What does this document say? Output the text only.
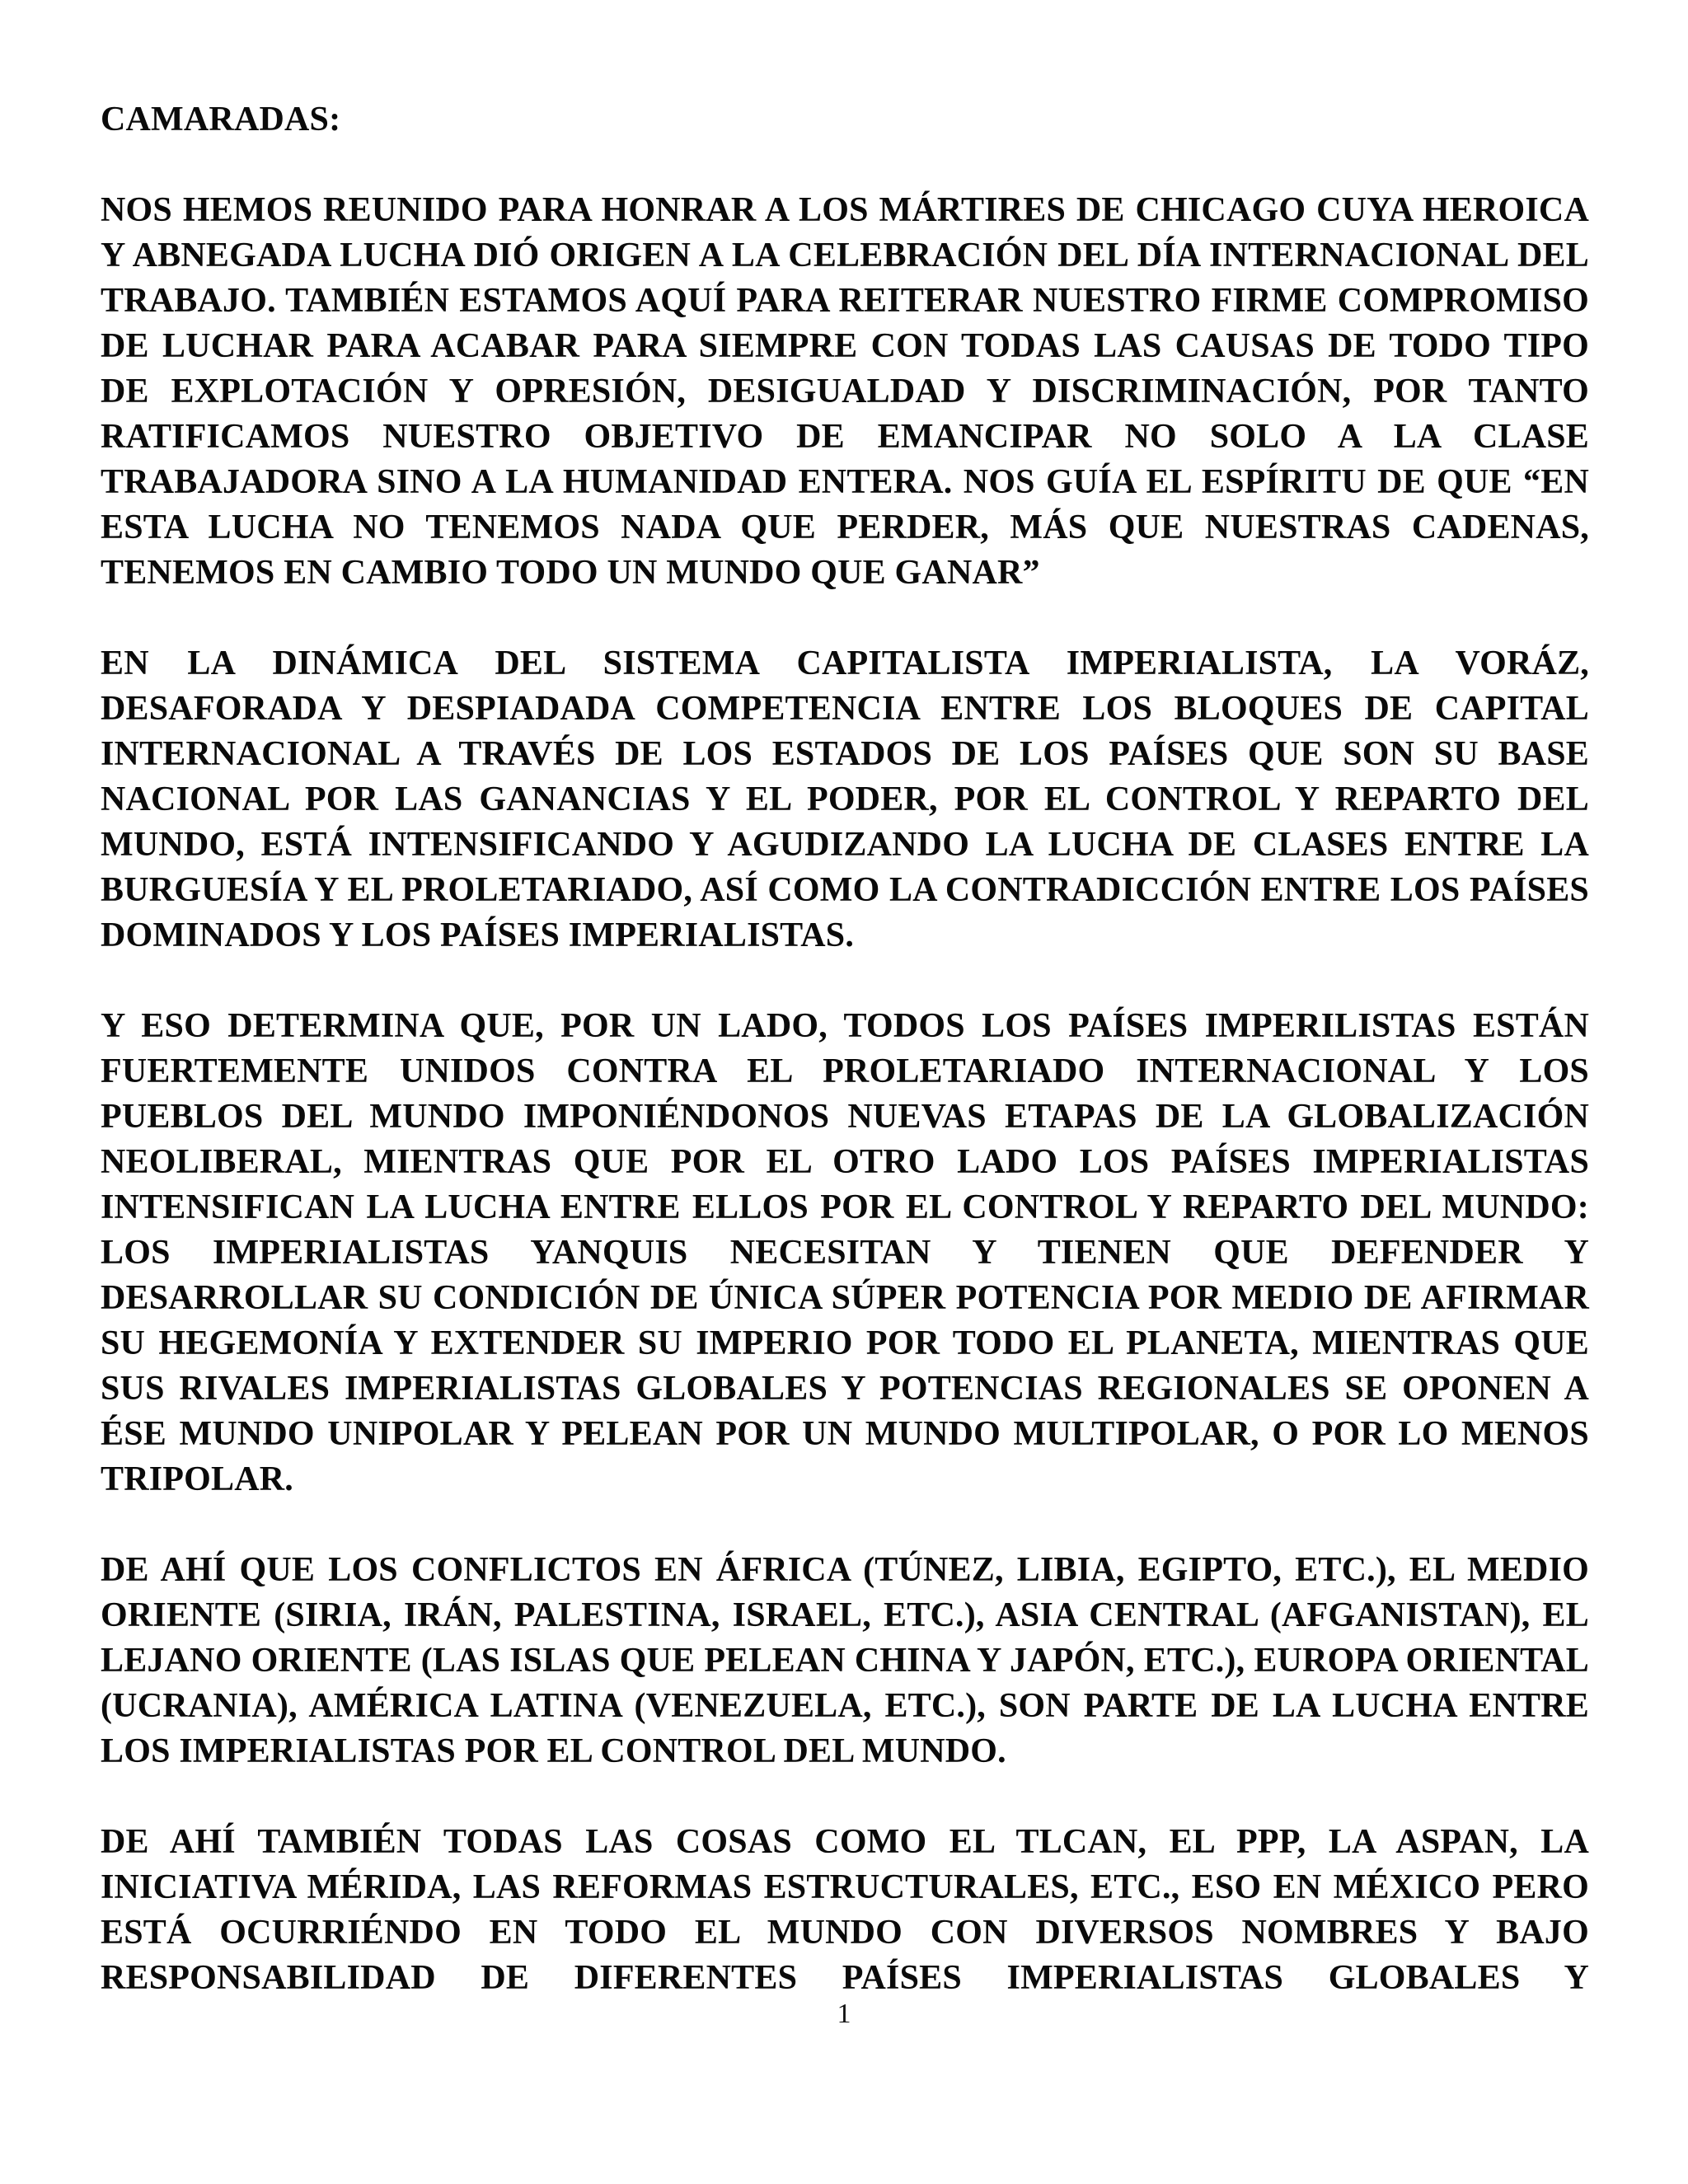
CAMARADAS:

NOS HEMOS REUNIDO PARA HONRAR A LOS MÁRTIRES DE CHICAGO CUYA HEROICA Y ABNEGADA LUCHA DIÓ ORIGEN A LA CELEBRACIÓN DEL DÍA INTERNACIONAL DEL TRABAJO. TAMBIÉN ESTAMOS AQUÍ PARA REITERAR NUESTRO FIRME COMPROMISO DE LUCHAR PARA ACABAR PARA SIEMPRE CON TODAS LAS CAUSAS DE TODO TIPO DE EXPLOTACIÓN Y OPRESIÓN, DESIGUALDAD Y DISCRIMINACIÓN, POR TANTO RATIFICAMOS NUESTRO OBJETIVO DE EMANCIPAR NO SOLO A LA CLASE TRABAJADORA SINO A LA HUMANIDAD ENTERA. NOS GUÍA EL ESPÍRITU DE QUE “EN ESTA LUCHA NO TENEMOS NADA QUE PERDER, MÁS QUE NUESTRAS CADENAS, TENEMOS EN CAMBIO TODO UN MUNDO QUE GANAR”

EN LA DINÁMICA DEL SISTEMA CAPITALISTA IMPERIALISTA, LA VORÁZ, DESAFORADA Y DESPIADADA COMPETENCIA ENTRE LOS BLOQUES DE CAPITAL INTERNACIONAL A TRAVÉS DE LOS ESTADOS DE LOS PAÍSES QUE SON SU BASE NACIONAL POR LAS GANANCIAS Y EL PODER, POR EL CONTROL Y REPARTO DEL MUNDO, ESTÁ INTENSIFICANDO Y AGUDIZANDO LA LUCHA DE CLASES ENTRE LA BURGUESÍA Y EL PROLETARIADO, ASÍ COMO LA CONTRADICCIÓN ENTRE LOS PAÍSES DOMINADOS Y LOS PAÍSES IMPERIALISTAS.

Y ESO DETERMINA QUE, POR UN LADO, TODOS LOS PAÍSES IMPERILISTAS ESTÁN FUERTEMENTE UNIDOS CONTRA EL PROLETARIADO INTERNACIONAL Y LOS PUEBLOS DEL MUNDO IMPONIÉNDONOS NUEVAS ETAPAS DE LA GLOBALIZACIÓN NEOLIBERAL, MIENTRAS QUE POR EL OTRO LADO LOS PAÍSES IMPERIALISTAS INTENSIFICAN LA LUCHA ENTRE ELLOS POR EL CONTROL Y REPARTO DEL MUNDO: LOS IMPERIALISTAS YANQUIS NECESITAN Y TIENEN QUE DEFENDER Y DESARROLLAR SU CONDICIÓN DE ÚNICA SÚPER POTENCIA POR MEDIO DE AFIRMAR SU HEGEMONÍA Y EXTENDER SU IMPERIO POR TODO EL PLANETA, MIENTRAS QUE SUS RIVALES IMPERIALISTAS GLOBALES Y POTENCIAS REGIONALES SE OPONEN A ÉSE MUNDO UNIPOLAR Y PELEAN POR UN MUNDO MULTIPOLAR, O POR LO MENOS TRIPOLAR.

DE AHÍ QUE LOS CONFLICTOS EN ÁFRICA (TÚNEZ, LIBIA, EGIPTO, ETC.), EL MEDIO ORIENTE (SIRIA, IRÁN, PALESTINA, ISRAEL, ETC.), ASIA CENTRAL (AFGANISTAN), EL LEJANO ORIENTE (LAS ISLAS QUE PELEAN CHINA Y JAPÓN, ETC.), EUROPA ORIENTAL (UCRANIA), AMÉRICA LATINA (VENEZUELA, ETC.), SON PARTE DE LA LUCHA ENTRE LOS IMPERIALISTAS POR EL CONTROL DEL MUNDO.

DE AHÍ TAMBIÉN TODAS LAS COSAS COMO EL TLCAN, EL PPP, LA ASPAN, LA INICIATIVA MÉRIDA, LAS REFORMAS ESTRUCTURALES, ETC., ESO EN MÉXICO PERO ESTÁ OCURRIÉNDO EN TODO EL MUNDO CON DIVERSOS NOMBRES Y BAJO RESPONSABILIDAD DE DIFERENTES PAÍSES IMPERIALISTAS GLOBALES Y

1
